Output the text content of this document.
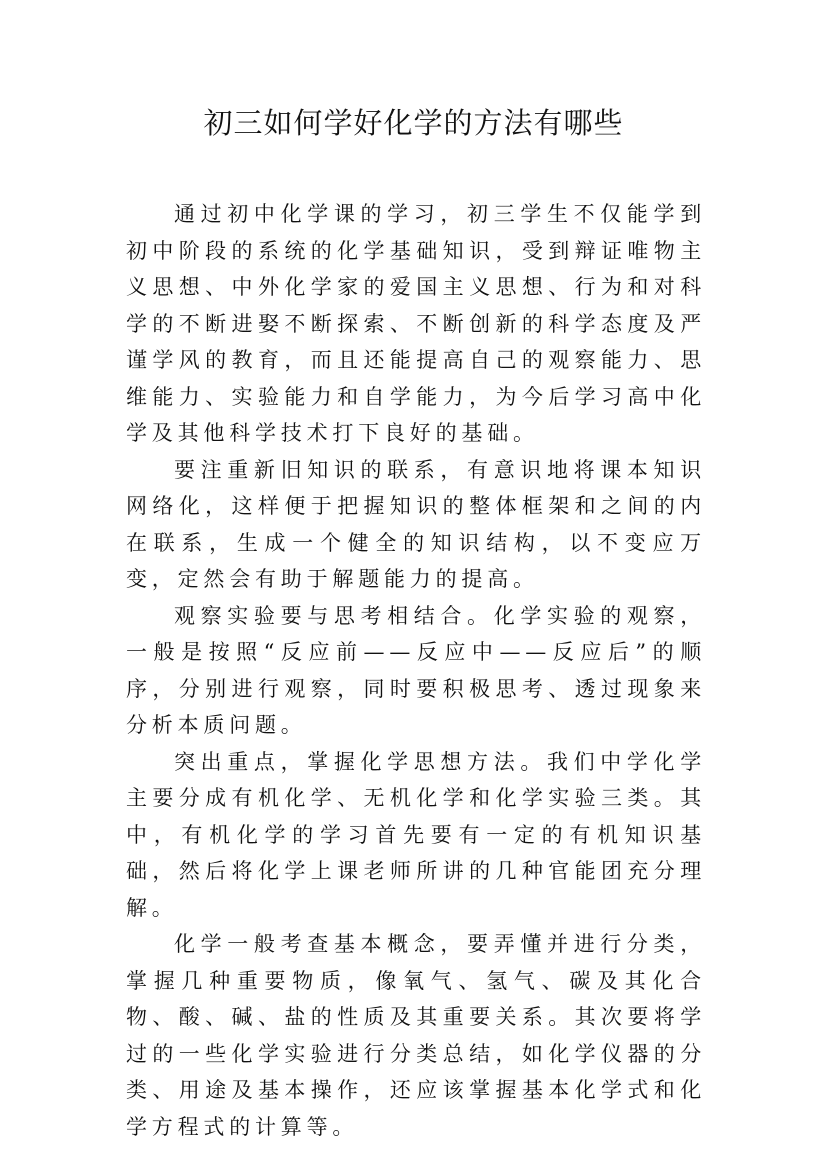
初三如何学好化学的方法有哪些

通过初中化学课的学习，初三学生不仅能学到初中阶段的系统的化学基础知识，受到辩证唯物主义思想、中外化学家的爱国主义思想、行为和对科学的不断进娶不断探索、不断创新的科学态度及严谨学风的教育，而且还能提高自己的观察能力、思维能力、实验能力和自学能力，为今后学习高中化学及其他科学技术打下良好的基础。

要注重新旧知识的联系，有意识地将课本知识网络化，这样便于把握知识的整体框架和之间的内在联系，生成一个健全的知识结构，以不变应万变，定然会有助于解题能力的提高。

观察实验要与思考相结合。化学实验的观察，一般是按照“反应前——反应中——反应后”的顺序，分别进行观察，同时要积极思考、透过现象来分析本质问题。

突出重点，掌握化学思想方法。我们中学化学主要分成有机化学、无机化学和化学实验三类。其中，有机化学的学习首先要有一定的有机知识基础，然后将化学上课老师所讲的几种官能团充分理解。

化学一般考查基本概念，要弄懂并进行分类，掌握几种重要物质，像氧气、氢气、碳及其化合物、酸、碱、盐的性质及其重要关系。其次要将学过的一些化学实验进行分类总结，如化学仪器的分类、用途及基本操作，还应该掌握基本化学式和化学方程式的计算等。
